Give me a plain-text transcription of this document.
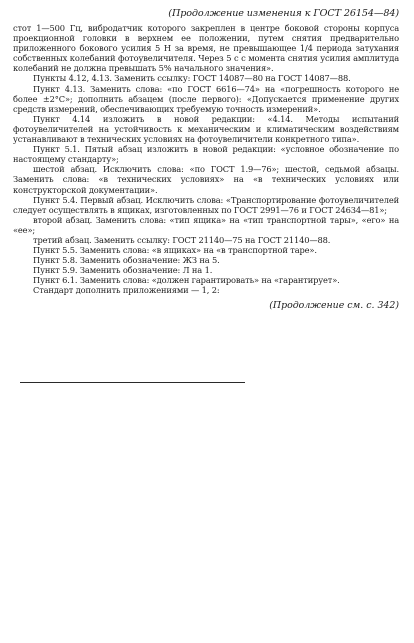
(Продолжение изменения к ГОСТ 26154—84)

стот 1—500 Гц, вибродатчик которого закреплен в центре боковой стороны корпуса проекционной головки в верхнем ее положении, путем снятия предварительно приложенного бокового усилия 5 Н за время, не превышающее 1/4 периода затухания собственных колебаний фотоувеличителя. Через 5 с с момента снятия усилия амплитуда колебаний не должна превышать 5% начального значения».

Пункты 4.12, 4.13. Заменить ссылку: ГОСТ 14087—80 на ГОСТ 14087—88.

Пункт 4.13. Заменить слова: «по ГОСТ 6616—74» на «погрешность которого не более ±2°С»; дополнить абзацем (после первого): «Допускается применение других средств измерений, обеспечивающих требуемую точность измерений».

Пункт 4.14 изложить в новой редакции: «4.14. Методы испытаний фотоувеличителей на устойчивость к механическим и климатическим воздействиям устанавливают в технических условиях на фотоувеличители конкретного типа».

Пункт 5.1. Пятый абзац изложить в новой редакции: «условное обозначение по настоящему стандарту»;

шестой абзац. Исключить слова: «по ГОСТ 1.9—76»; шестой, седьмой абзацы. Заменить слова: «в технических условиях» на «в технических условиях или конструкторской документации».

Пункт 5.4. Первый абзац. Исключить слова: «Транспортирование фотоувеличителей следует осуществлять в ящиках, изготовленных по ГОСТ 2991—76 и ГОСТ 24634—81»;

второй абзац. Заменить слова: «тип ящика» на «тип транспортной тары», «его» на «ее»;

третий абзац. Заменить ссылку: ГОСТ 21140—75 на ГОСТ 21140—88.

Пункт 5.5. Заменить слова: «в ящиках» на «в транспортной таре».

Пункт 5.8. Заменить обозначение: ЖЗ на 5.

Пункт 5.9. Заменить обозначение: Л на 1.

Пункт 6.1. Заменить слова: «должен гарантировать» на «гарантирует».

Стандарт дополнить приложениями — 1, 2:

(Продолжение см. с. 342)
